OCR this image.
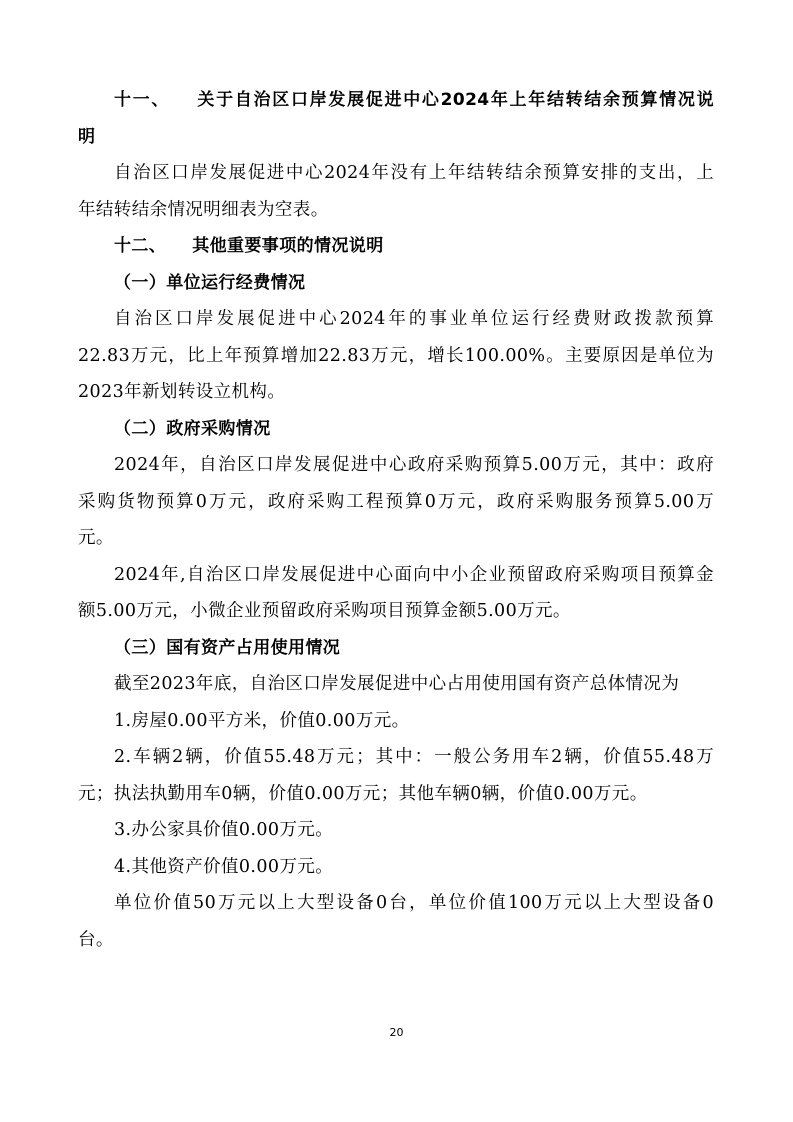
十一、 关于自治区口岸发展促进中心2024年上年结转结余预算情况说
明
自治区口岸发展促进中心2024年没有上年结转结余预算安排的支出，上
年结转结余情况明细表为空表。
十二、 其他重要事项的情况说明
（一）单位运行经费情况
自治区口岸发展促进中心2024年的事业单位运行经费财政拨款预算
22.83万元，比上年预算增加22.83万元，增长100.00%。主要原因是单位为
2023年新划转设立机构。
（二）政府采购情况
2024年，自治区口岸发展促进中心政府采购预算5.00万元，其中：政府
采购货物预算0万元，政府采购工程预算0万元，政府采购服务预算5.00万
元。
2024年,自治区口岸发展促进中心面向中小企业预留政府采购项目预算金
额5.00万元，小微企业预留政府采购项目预算金额5.00万元。
（三）国有资产占用使用情况
截至2023年底，自治区口岸发展促进中心占用使用国有资产总体情况为
1.房屋0.00平方米，价值0.00万元。
2.车辆2辆，价值55.48万元；其中：一般公务用车2辆，价值55.48万
元；执法执勤用车0辆，价值0.00万元；其他车辆0辆，价值0.00万元。
3.办公家具价值0.00万元。
4.其他资产价值0.00万元。
单位价值50万元以上大型设备0台，单位价值100万元以上大型设备0
台。
20
